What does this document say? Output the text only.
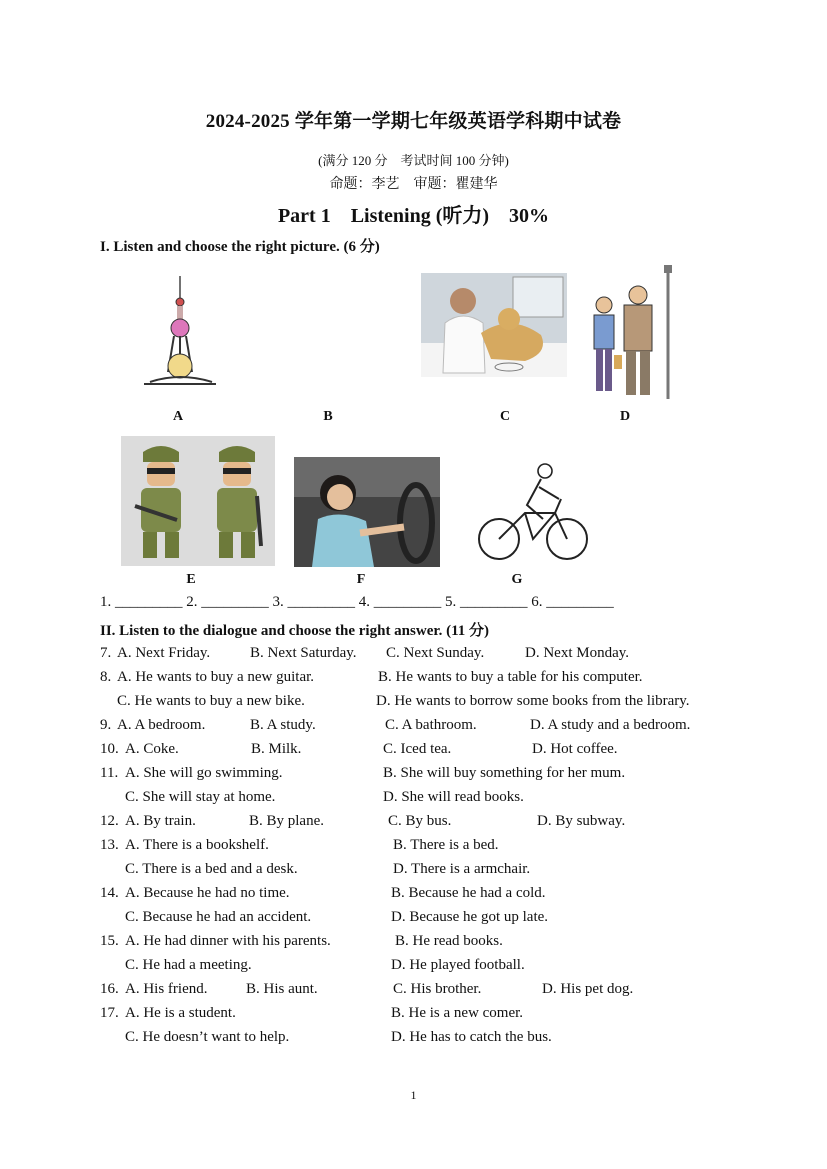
2024-2025 学年第一学期七年级英语学科期中试卷
(满分 120 分　考试时间 100 分钟)
命题：李艺　审题：瞿建华
Part 1　Listening (听力)　30%
I. Listen and choose the right picture. (6 分)
A	B	C	D
E	F	G
1. _________ 2. _________ 3. _________ 4. _________ 5. _________ 6. _________
II. Listen to the dialogue and choose the right answer. (11 分)
7. A. Next Friday.	B. Next Saturday. C. Next Sunday.	D. Next Monday.
8. A. He wants to buy a new guitar.	B. He wants to buy a table for his computer.
C. He wants to buy a new bike.	D. He wants to borrow some books from the library.
9. A. A bedroom.	B. A study.	C. A bathroom.	D. A study and a bedroom.
10. A. Coke.	B. Milk.	C. Iced tea.	D. Hot coffee.
11. A. She will go swimming.	B. She will buy something for her mum.
C. She will stay at home.	D. She will read books.
12. A. By train.	B. By plane.	C. By bus.	D. By subway.
13. A. There is a bookshelf.	B. There is a bed.
C. There is a bed and a desk.	D. There is a armchair.
14. A. Because he had no time.	B. Because he had a cold.
C. Because he had an accident.	D. Because he got up late.
15. A. He had dinner with his parents.	B. He read books.
C. He had a meeting.	D. He played football.
16. A. His friend.	B. His aunt.	C. His brother.	D. His pet dog.
17. A. He is a student.	B. He is a new comer.
C. He doesn’t want to help.	D. He has to catch the bus.
1
